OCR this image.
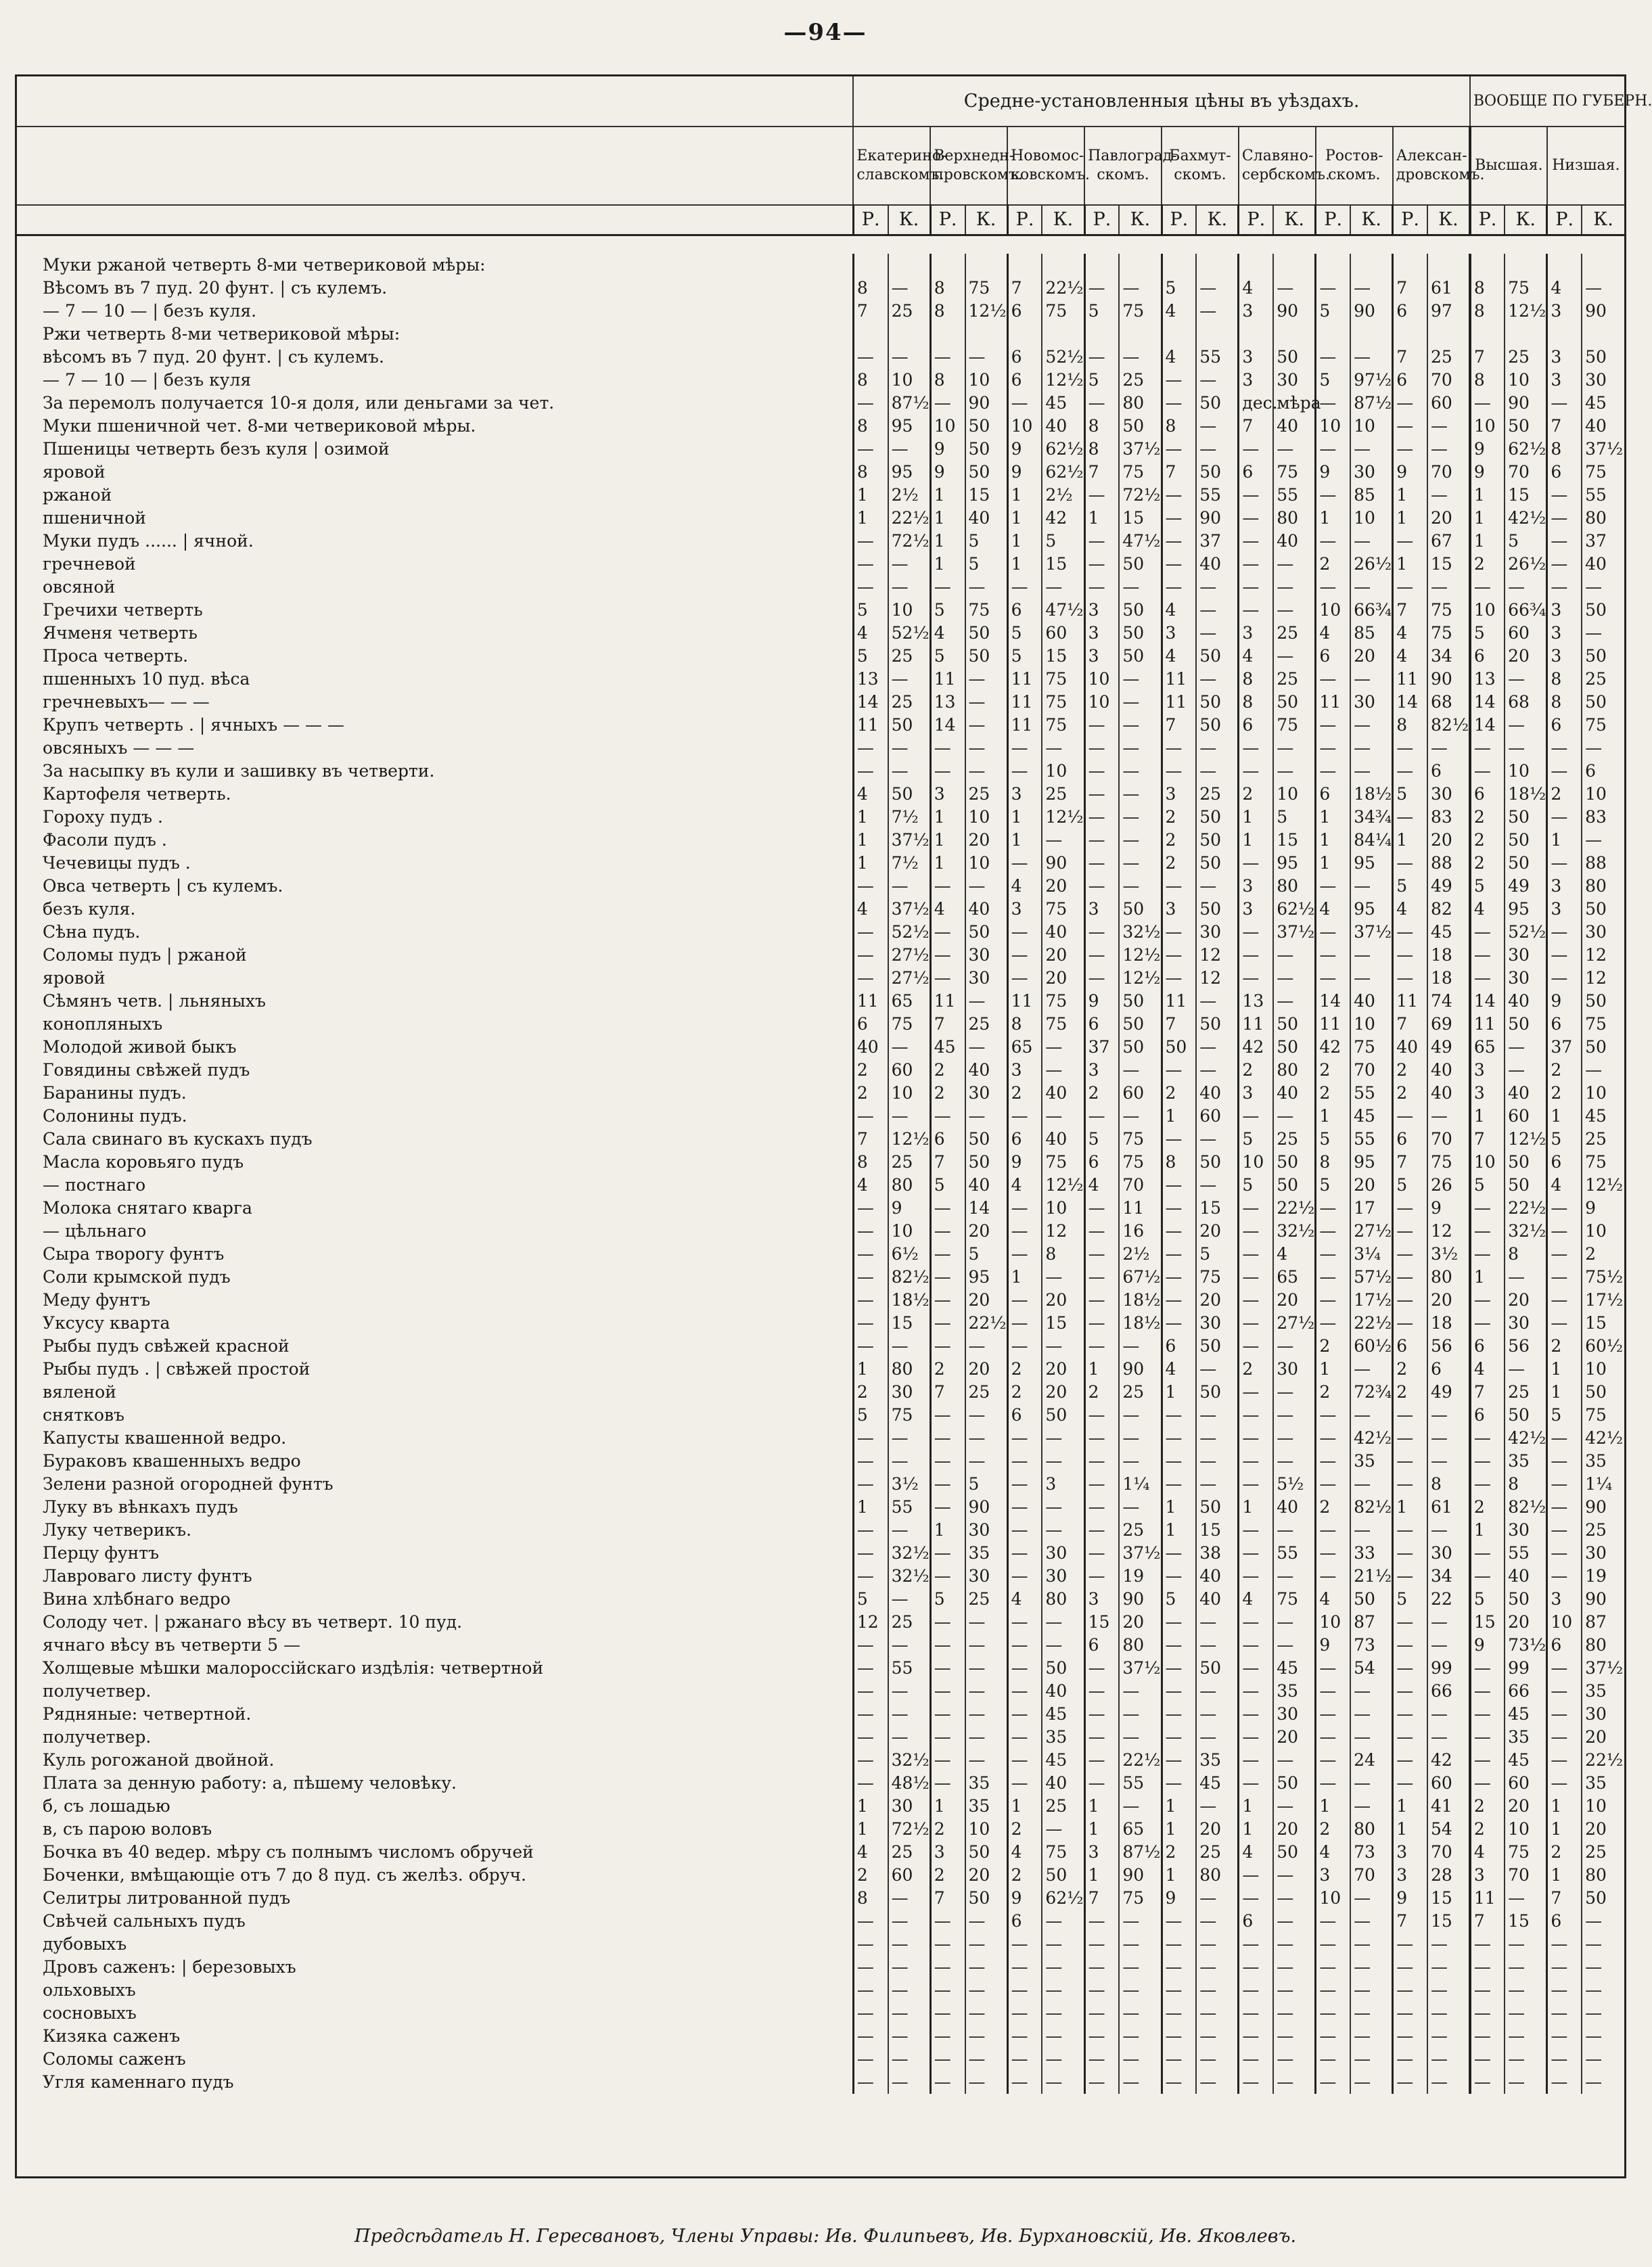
—94—
	Средне-установленныя цѣны въ уѣздахъ.																ВООБЩЕ ПО ГУБЕРН.			
	Екатерино-славскомъ.		Верхнедн-провскомъ.		Новомос-ковскомъ.		Павлоград-скомъ.		Бахмут-скомъ.		Славяно-сербскомъ.		Ростов-скомъ.		Алексан-дровскомъ.		Высшая.		Низшая.	
	Р.	К.	Р.	К.	Р.	К.	Р.	К.	Р.	К.	Р.	К.	Р.	К.	Р.	К.	Р.	К.	Р.	К.

Муки ржаной четверть 8-ми четвериковой мѣры:																				
Вѣсомъ въ 7 пуд. 20 фунт. | съ кулемъ.	8	—	8	75	7	22½	—	—	5	—	4	—	—	—	7	61	8	75	4	—
— 7 — 10 — | безъ куля.	7	25	8	12½	6	75	5	75	4	—	3	90	5	90	6	97	8	12½	3	90
Ржи четверть 8-ми четвериковой мѣры:																				
вѣсомъ въ 7 пуд. 20 фунт. | съ кулемъ.	—	—	—	—	6	52½	—	—	4	55	3	50	—	—	7	25	7	25	3	50
— 7 — 10 — | безъ куля	8	10	8	10	6	12½	5	25	—	—	3	30	5	97½	6	70	8	10	3	30
За перемолъ получается 10-я доля, или деньгами за чет.	—	87½	—	90	—	45	—	80	—	50	дес.	мѣра	—	87½	—	60	—	90	—	45
Муки пшеничной чет. 8-ми четвериковой мѣры.	8	95	10	50	10	40	8	50	8	—	7	40	10	10	—	—	10	50	7	40
Пшеницы четверть безъ куля | озимой	—	—	9	50	9	62½	8	37½	—	—	—	—	—	—	—	—	9	62½	8	37½
яровой	8	95	9	50	9	62½	7	75	7	50	6	75	9	30	9	70	9	70	6	75
ржаной	1	2½	1	15	1	2½	—	72½	—	55	—	55	—	85	1	—	1	15	—	55
пшеничной	1	22½	1	40	1	42	1	15	—	90	—	80	1	10	1	20	1	42½	—	80
Муки пудъ ...... | ячной.	—	72½	1	5	1	5	—	47½	—	37	—	40	—	—	—	67	1	5	—	37
гречневой	—	—	1	5	1	15	—	50	—	40	—	—	2	26½	1	15	2	26½	—	40
овсяной	—	—	—	—	—	—	—	—	—	—	—	—	—	—	—	—	—	—	—	—
Гречихи четверть	5	10	5	75	6	47½	3	50	4	—	—	—	10	66¾	7	75	10	66¾	3	50
Ячменя четверть	4	52½	4	50	5	60	3	50	3	—	3	25	4	85	4	75	5	60	3	—
Проса четверть.	5	25	5	50	5	15	3	50	4	50	4	—	6	20	4	34	6	20	3	50
пшенныхъ 10 пуд. вѣса	13	—	11	—	11	75	10	—	11	—	8	25	—	—	11	90	13	—	8	25
гречневыхъ— — —	14	25	13	—	11	75	10	—	11	50	8	50	11	30	14	68	14	68	8	50
Крупъ четверть . | ячныхъ — — —	11	50	14	—	11	75	—	—	7	50	6	75	—	—	8	82½	14	—	6	75
овсяныхъ — — —	—	—	—	—	—	—	—	—	—	—	—	—	—	—	—	—	—	—	—	—
За насыпку въ кули и зашивку въ четверти.	—	—	—	—	—	10	—	—	—	—	—	—	—	—	—	6	—	10	—	6
Картофеля четверть.	4	50	3	25	3	25	—	—	3	25	2	10	6	18½	5	30	6	18½	2	10
Гороху пудъ .	1	7½	1	10	1	12½	—	—	2	50	1	5	1	34¾	—	83	2	50	—	83
Фасоли пудъ .	1	37½	1	20	1	—	—	—	2	50	1	15	1	84¼	1	20	2	50	1	—
Чечевицы пудъ .	1	7½	1	10	—	90	—	—	2	50	—	95	1	95	—	88	2	50	—	88
Овса четверть | съ кулемъ.	—	—	—	—	4	20	—	—	—	—	3	80	—	—	5	49	5	49	3	80
безъ куля.	4	37½	4	40	3	75	3	50	3	50	3	62½	4	95	4	82	4	95	3	50
Сѣна пудъ.	—	52½	—	50	—	40	—	32½	—	30	—	37½	—	37½	—	45	—	52½	—	30
Соломы пудъ | ржаной	—	27½	—	30	—	20	—	12½	—	12	—	—	—	—	—	18	—	30	—	12
яровой	—	27½	—	30	—	20	—	12½	—	12	—	—	—	—	—	18	—	30	—	12
Сѣмянъ четв. | льняныхъ	11	65	11	—	11	75	9	50	11	—	13	—	14	40	11	74	14	40	9	50
конопляныхъ	6	75	7	25	8	75	6	50	7	50	11	50	11	10	7	69	11	50	6	75
Молодой живой быкъ	40	—	45	—	65	—	37	50	50	—	42	50	42	75	40	49	65	—	37	50
Говядины свѣжей пудъ	2	60	2	40	3	—	3	—	—	—	2	80	2	70	2	40	3	—	2	—
Баранины пудъ.	2	10	2	30	2	40	2	60	2	40	3	40	2	55	2	40	3	40	2	10
Солонины пудъ.	—	—	—	—	—	—	—	—	1	60	—	—	1	45	—	—	1	60	1	45
Сала свинаго въ кускахъ пудъ	7	12½	6	50	6	40	5	75	—	—	5	25	5	55	6	70	7	12½	5	25
Масла коровьяго пудъ	8	25	7	50	9	75	6	75	8	50	10	50	8	95	7	75	10	50	6	75
— постнаго	4	80	5	40	4	12½	4	70	—	—	5	50	5	20	5	26	5	50	4	12½
Молока снятаго кварга	—	9	—	14	—	10	—	11	—	15	—	22½	—	17	—	9	—	22½	—	9
— цѣльнаго	—	10	—	20	—	12	—	16	—	20	—	32½	—	27½	—	12	—	32½	—	10
Сыра творогу фунтъ	—	6½	—	5	—	8	—	2½	—	5	—	4	—	3¼	—	3½	—	8	—	2
Соли крымской пудъ	—	82½	—	95	1	—	—	67½	—	75	—	65	—	57½	—	80	1	—	—	75½
Меду фунтъ	—	18½	—	20	—	20	—	18½	—	20	—	20	—	17½	—	20	—	20	—	17½
Уксусу кварта	—	15	—	22½	—	15	—	18½	—	30	—	27½	—	22½	—	18	—	30	—	15
Рыбы пудъ свѣжей красной	—	—	—	—	—	—	—	—	6	50	—	—	2	60½	6	56	6	56	2	60½
Рыбы пудъ . | свѣжей простой	1	80	2	20	2	20	1	90	4	—	2	30	1	—	2	6	4	—	1	10
вяленой	2	30	7	25	2	20	2	25	1	50	—	—	2	72¾	2	49	7	25	1	50
снятковъ	5	75	—	—	6	50	—	—	—	—	—	—	—	—	—	—	6	50	5	75
Капусты квашенной ведро.	—	—	—	—	—	—	—	—	—	—	—	—	—	42½	—	—	—	42½	—	42½
Бураковъ квашенныхъ ведро	—	—	—	—	—	—	—	—	—	—	—	—	—	35	—	—	—	35	—	35
Зелени разной огородней фунтъ	—	3½	—	5	—	3	—	1¼	—	—	—	5½	—	—	—	8	—	8	—	1¼
Луку въ вѣнкахъ пудъ	1	55	—	90	—	—	—	—	1	50	1	40	2	82½	1	61	2	82½	—	90
Луку четверикъ.	—	—	1	30	—	—	—	25	1	15	—	—	—	—	—	—	1	30	—	25
Перцу фунтъ	—	32½	—	35	—	30	—	37½	—	38	—	55	—	33	—	30	—	55	—	30
Лавроваго листу фунтъ	—	32½	—	30	—	30	—	19	—	40	—	—	—	21½	—	34	—	40	—	19
Вина хлѣбнаго ведро	5	—	5	25	4	80	3	90	5	40	4	75	4	50	5	22	5	50	3	90
Солоду чет. | ржанаго вѣсу въ четверт. 10 пуд.	12	25	—	—	—	—	15	20	—	—	—	—	10	87	—	—	15	20	10	87
ячнаго вѣсу въ четверти 5 —	—	—	—	—	—	—	6	80	—	—	—	—	9	73	—	—	9	73½	6	80
Холщевые мѣшки малороссійскаго издѣлія: четвертной	—	55	—	—	—	50	—	37½	—	50	—	45	—	54	—	99	—	99	—	37½
получетвер.	—	—	—	—	—	40	—	—	—	—	—	35	—	—	—	66	—	66	—	35
Рядняные: четвертной.	—	—	—	—	—	45	—	—	—	—	—	30	—	—	—	—	—	45	—	30
получетвер.	—	—	—	—	—	35	—	—	—	—	—	20	—	—	—	—	—	35	—	20
Куль рогожаной двойной.	—	32½	—	—	—	45	—	22½	—	35	—	—	—	24	—	42	—	45	—	22½
Плата за денную работу: а, пѣшему человѣку.	—	48½	—	35	—	40	—	55	—	45	—	50	—	—	—	60	—	60	—	35
б, съ лошадью	1	30	1	35	1	25	1	—	1	—	1	—	1	—	1	41	2	20	1	10
в, съ парою воловъ	1	72½	2	10	2	—	1	65	1	20	1	20	2	80	1	54	2	10	1	20
Бочка въ 40 ведер. мѣру съ полнымъ числомъ обручей	4	25	3	50	4	75	3	87½	2	25	4	50	4	73	3	70	4	75	2	25
Боченки, вмѣщающіе отъ 7 до 8 пуд. съ желѣз. обруч.	2	60	2	20	2	50	1	90	1	80	—	—	3	70	3	28	3	70	1	80
Селитры литрованной пудъ	8	—	7	50	9	62½	7	75	9	—	—	—	10	—	9	15	11	—	7	50
Свѣчей сальныхъ пудъ	—	—	—	—	6	—	—	—	—	—	6	—	—	—	7	15	7	15	6	—
дубовыхъ	—	—	—	—	—	—	—	—	—	—	—	—	—	—	—	—	—	—	—	—
Дровъ саженъ: | березовыхъ	—	—	—	—	—	—	—	—	—	—	—	—	—	—	—	—	—	—	—	—
ольховыхъ	—	—	—	—	—	—	—	—	—	—	—	—	—	—	—	—	—	—	—	—
сосновыхъ	—	—	—	—	—	—	—	—	—	—	—	—	—	—	—	—	—	—	—	—
Кизяка саженъ	—	—	—	—	—	—	—	—	—	—	—	—	—	—	—	—	—	—	—	—
Соломы саженъ	—	—	—	—	—	—	—	—	—	—	—	—	—	—	—	—	—	—	—	—
Угля каменнаго пудъ	—	—	—	—	—	—	—	—	—	—	—	—	—	—	—	—	—	—	—	—
Предсѣдатель Н. Гересвановъ, Члены Управы: Ив. Филипьевъ, Ив. Бурхановскій, Ив. Яковлевъ.
